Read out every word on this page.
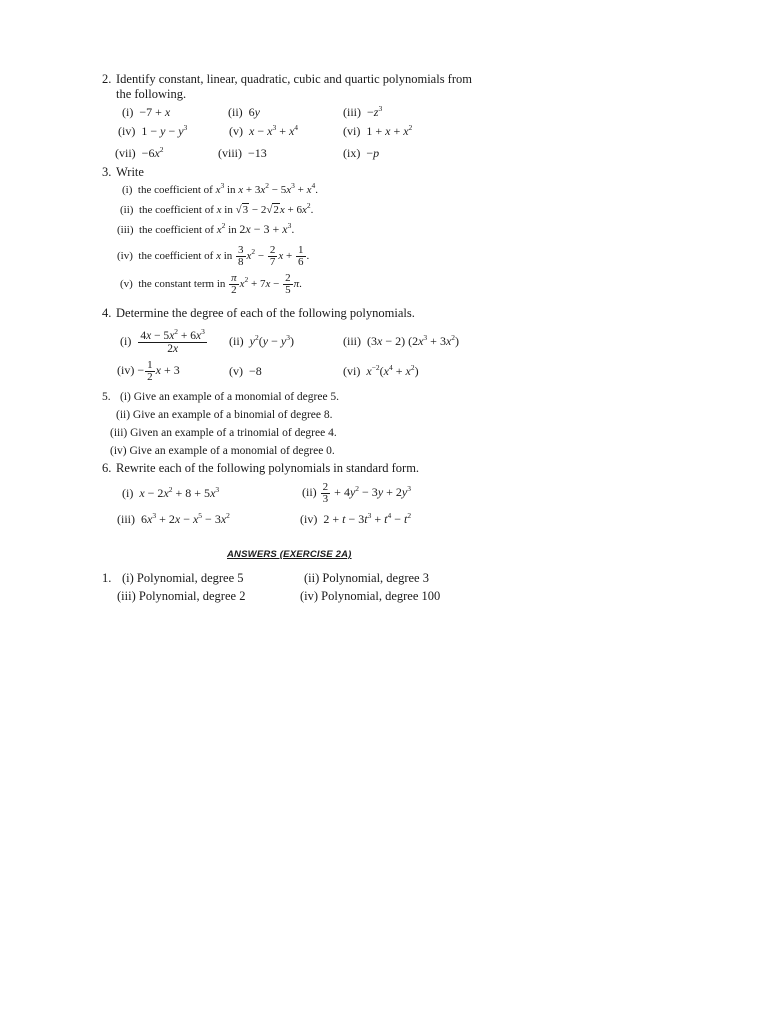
2. Identify constant, linear, quadratic, cubic and quartic polynomials from
the following.
(i)  −7 + x	(ii)  6y	$(iii) -z^3$
(iv)  $1 - y - y^3$	(v) $x - x^3 + x^4$	(vi)  $1 + x + x^2$
$(vii) -6x^2$	(viii)  −13	(ix)  −p
3. Write
(i) the coefficient of $x^3$ in $x + 3x^2 - 5x^3 + x^4$.
(ii) the coefficient of x in $√3 - 2√2x + 6x^2$.
(iii) the coefficient of $x^2$ in $2x - 3 + x^3$.
(iv) the coefficient of x in $\frac{3}{8} x^2 - \frac{2}{7}$ $x + \frac{1}{6}$ .
(v) the constant term in $\frac{\pi}{2} x^2 + 7x - \frac{2}{5} \pi$.
4. Determine the degree of each of the following polynomials.
$(i) \frac{4x - 5x^2 + 6x^3}{2x} (ii) y^2(y - y^3)$	(iii)  (3x − 2) $(2x^3 + 3x^2)$
$(iv) - \frac{1}{2}$ x + 3	(v) −8	(vi) $x^{-2}(x^4 + x^2)$
5. (i) Give an example of a monomial of degree 5.
(ii) Give an example of a binomial of degree 8.
(iii) Given an example of a trinomial of degree 4.
(iv) Give an example of a monomial of degree 0.
6. Rewrite each of the following polynomials in standard form.
(i) $x - 2x^2 + 8 + 5x^3$	$(ii) \frac{2}{3} + 4y^2 - 3y + 2y^3$
(iii)  $6x^3 + 2x - x^5 - 3x^2$	(iv)  $2 + t - 3t^3 + t^4 - t^2$
ANSWERS (EXERCISE 2A)
1. (i) Polynomial, degree 5	(ii) Polynomial, degree 3
(iii) Polynomial, degree 2	(iv) Polynomial, degree 100
